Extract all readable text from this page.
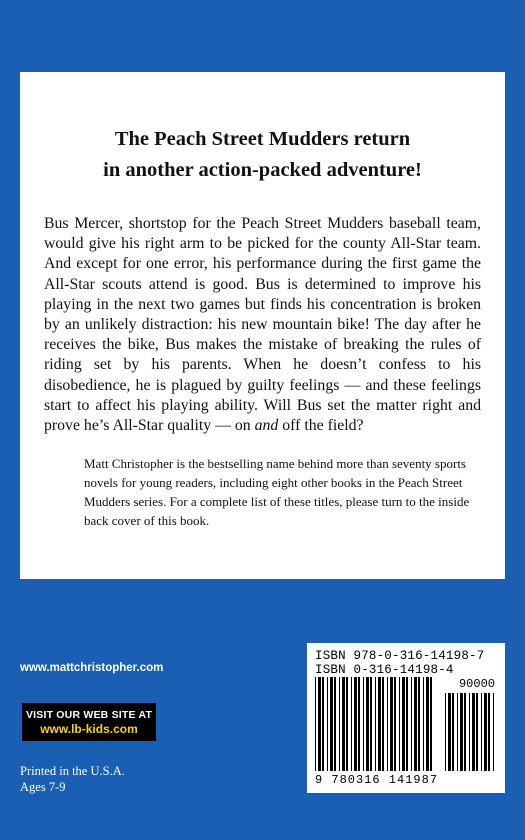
The Peach Street Mudders return
in another action-packed adventure!

Bus Mercer, shortstop for the Peach Street Mudders baseball team, would give his right arm to be picked for the county All-Star team. And except for one error, his performance during the first game the All-Star scouts attend is good. Bus is determined to improve his playing in the next two games but finds his concentration is broken by an unlikely distraction: his new mountain bike! The day after he receives the bike, Bus makes the mistake of breaking the rules of riding set by his parents. When he doesn’t confess to his disobedience, he is plagued by guilty feelings — and these feelings start to affect his playing ability. Will Bus set the matter right and prove he’s All-Star quality — on and off the field?

Matt Christopher is the bestselling name behind more than seventy sports novels for young readers, including eight other books in the Peach Street Mudders series. For a complete list of these titles, please turn to the inside back cover of this book.

www.mattchristopher.com
VISIT OUR WEB SITE AT
www.lb-kids.com
Printed in the U.S.A.
Ages 7-9
ISBN 978-0-316-14198-7
ISBN 0-316-14198-4
90000
9 780316 141987
